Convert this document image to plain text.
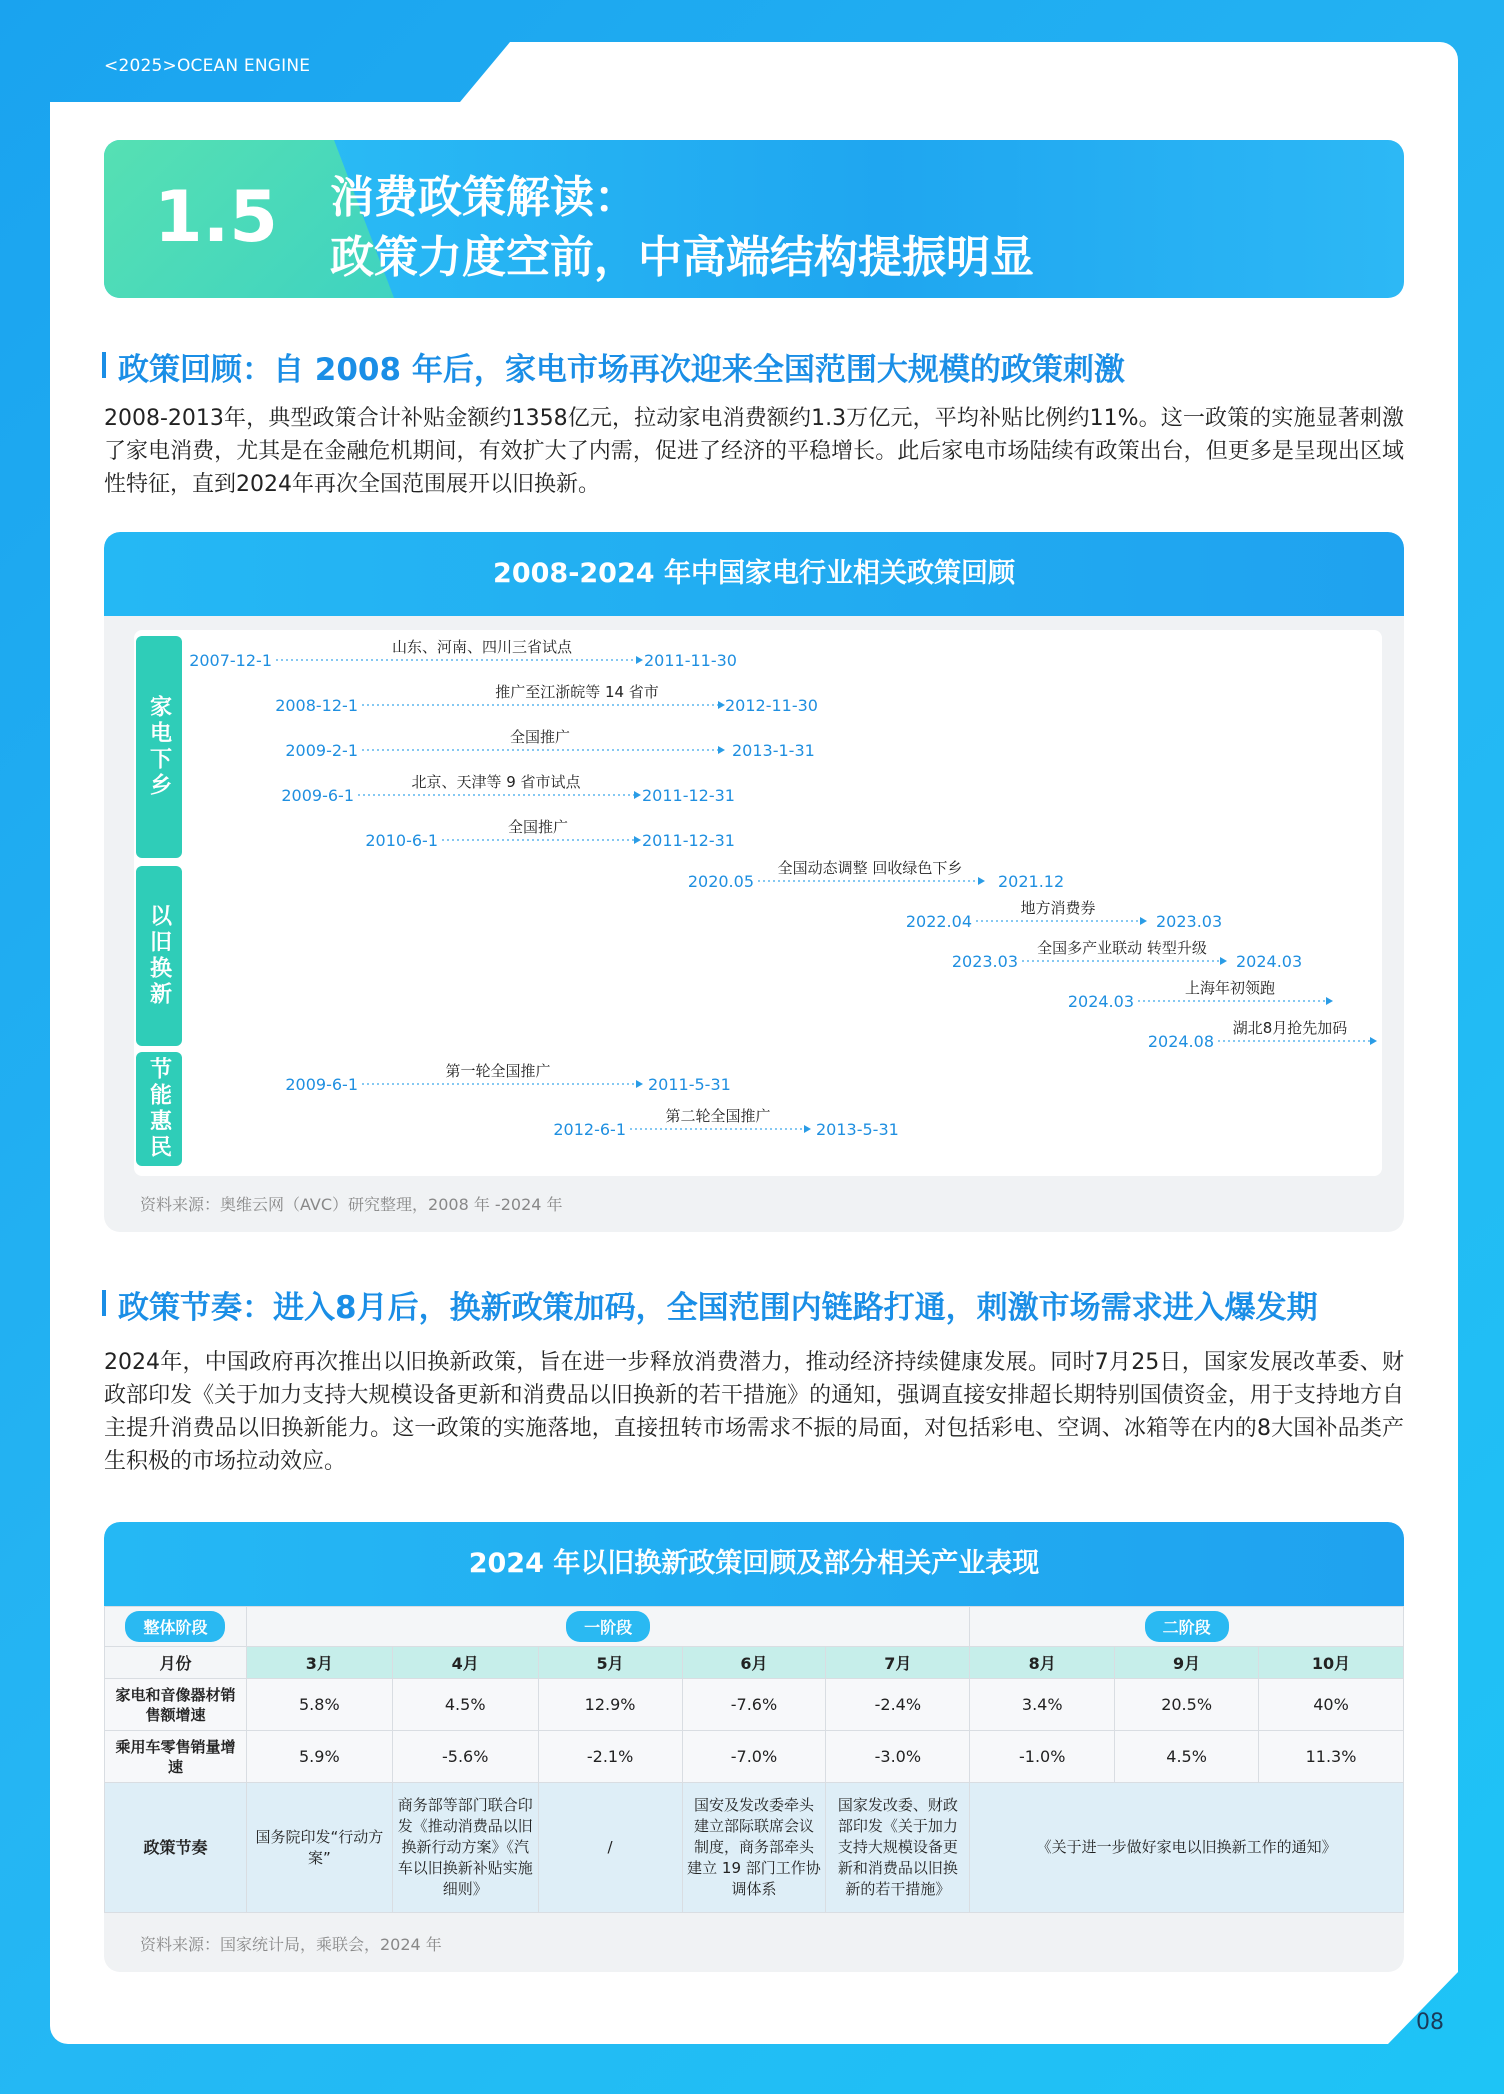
<2025>OCEAN ENGINE
08
1.5	消费政策解读：
政策力度空前，中高端结构提振明显
政策回顾：自 2008 年后，家电市场再次迎来全国范围大规模的政策刺激
2008-2013年，典型政策合计补贴金额约1358亿元，拉动家电消费额约1.3万亿元，平均补贴比例约11%。这一政策的实施显著刺激了家电消费，尤其是在金融危机期间，有效扩大了内需，促进了经济的平稳增长。此后家电市场陆续有政策出台，但更多是呈现出区域性特征，直到2024年再次全国范围展开以旧换新。
2008-2024 年中国家电行业相关政策回顾
家电下乡
以旧换新
节能惠民
2007-12-1
山东、河南、四川三省试点
2011-11-30
2008-12-1
推广至江浙皖等 14 省市
2012-11-30
2009-2-1
全国推广
2013-1-31
2009-6-1
北京、天津等 9 省市试点
2011-12-31
2010-6-1
全国推广
2011-12-31
2020.05
全国动态调整 回收绿色下乡
2021.12
2022.04
地方消费券
2023.03
2023.03
全国多产业联动 转型升级
2024.03
2024.03
上海年初领跑
2024.08
湖北8月抢先加码
2009-6-1
第一轮全国推广
2011-5-31
2012-6-1
第二轮全国推广
2013-5-31
资料来源：奥维云网（AVC）研究整理，2008 年 -2024 年
政策节奏：进入8月后，换新政策加码，全国范围内链路打通，刺激市场需求进入爆发期
2024年，中国政府再次推出以旧换新政策，旨在进一步释放消费潜力，推动经济持续健康发展。同时7月25日，国家发展改革委、财政部印发《关于加力支持大规模设备更新和消费品以旧换新的若干措施》的通知，强调直接安排超长期特别国债资金，用于支持地方自主提升消费品以旧换新能力。这一政策的实施落地，直接扭转市场需求不振的局面，对包括彩电、空调、冰箱等在内的8大国补品类产生积极的市场拉动效应。
2024 年以旧换新政策回顾及部分相关产业表现
整体阶段	一阶段					二阶段		
月份	3月	4月	5月	6月	7月	8月	9月	10月
家电和音像器材销售额增速	5.8%	4.5%	12.9%	-7.6%	-2.4%	3.4%	20.5%	40%
乘用车零售销量增速	5.9%	-5.6%	-2.1%	-7.0%	-3.0%	-1.0%	4.5%	11.3%
政策节奏	国务院印发“行动方案”	商务部等部门联合印发《推动消费品以旧换新行动方案》《汽车以旧换新补贴实施细则》	/	国安及发改委牵头建立部际联席会议制度，商务部牵头建立 19 部门工作协调体系	国家发改委、财政部印发《关于加力支持大规模设备更新和消费品以旧换新的若干措施》	《关于进一步做好家电以旧换新工作的通知》		
资料来源：国家统计局，乘联会，2024 年
